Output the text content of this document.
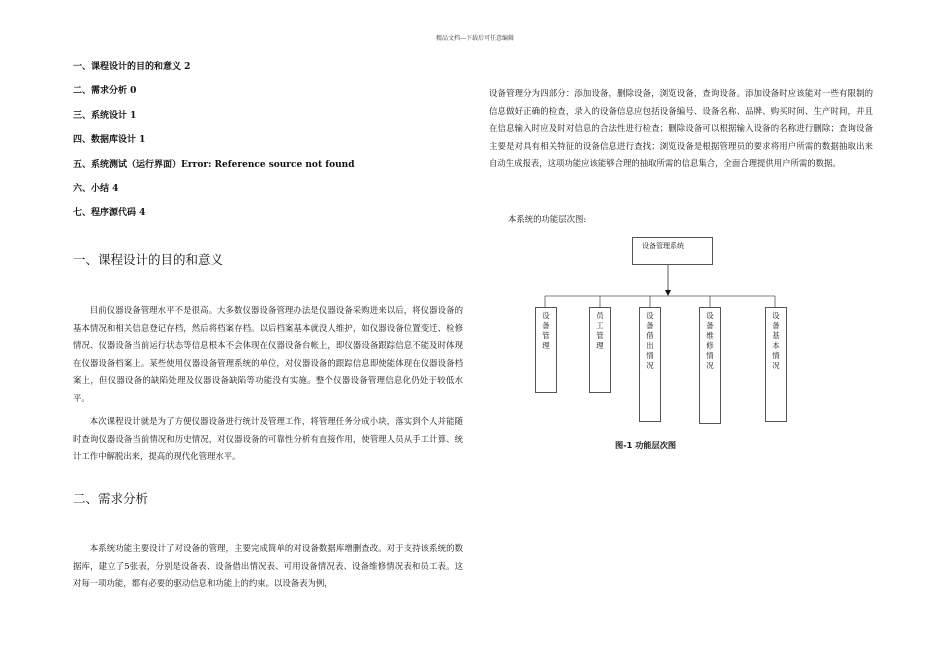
精品文档---下载后可任意编辑
一、课程设计的目的和意义 2
二、需求分析 0
三、系统设计 1
四、数据库设计 1
五、系统测试（运行界面）Error: Reference source not found
六、小结 4
七、程序源代码 4
一、课程设计的目的和意义
目前仪器设备管理水平不是很高。大多数仪器设备管理办法是仪器设备采购进来以后，将仪器设备的基本情况和相关信息登记存档，然后将档案存档。以后档案基本就没人维护，如仪器设备位置变迁、检修情况、仪器设备当前运行状态等信息根本不会体现在仪器设备台帐上，即仪器设备跟踪信息不能及时体现在仪器设备档案上。某些使用仪器设备管理系统的单位，对仪器设备的跟踪信息即使能体现在仪器设备档案上，但仪器设备的缺陷处理及仪器设备缺陷等功能没有实施。整个仪器设备管理信息化仍处于较低水平。
本次课程设计就是为了方便仪器设备进行统计及管理工作，将管理任务分成小块，落实到个人并能随时查询仪器设备当前情况和历史情况，对仪器设备的可靠性分析有直接作用，使管理人员从手工计算、统计工作中解脱出来，提高的现代化管理水平。
二、需求分析
本系统功能主要设计了对设备的管理，主要完成简单的对设备数据库增删查改。对于支持该系统的数据库，建立了5张表，分别是设备表、设备借出情况表、可用设备情况表、设备维修情况表和员工表。这对每一项功能，都有必要的驱动信息和功能上的约束。以设备表为例，
设备管理分为四部分：添加设备，删除设备，浏览设备，查询设备。添加设备时应该能对一些有限制的信息做好正确的检查，录入的设备信息应包括设备编号、设备名称、品牌、购买时间、生产时间，并且在信息输入时应及时对信息的合法性进行检查；删除设备可以根据输入设备的名称进行删除；查询设备主要是对具有相关特征的设备信息进行查找；浏览设备是根据管理员的要求将用户所需的数据抽取出来自动生成报表，这项功能应该能够合理的抽取所需的信息集合，全面合理提供用户所需的数据。
本系统的功能层次图:
设备管理系统
设备管理
员工管理
设备借出情况
设备维修情况
设备基本情况
图-1 功能层次图
